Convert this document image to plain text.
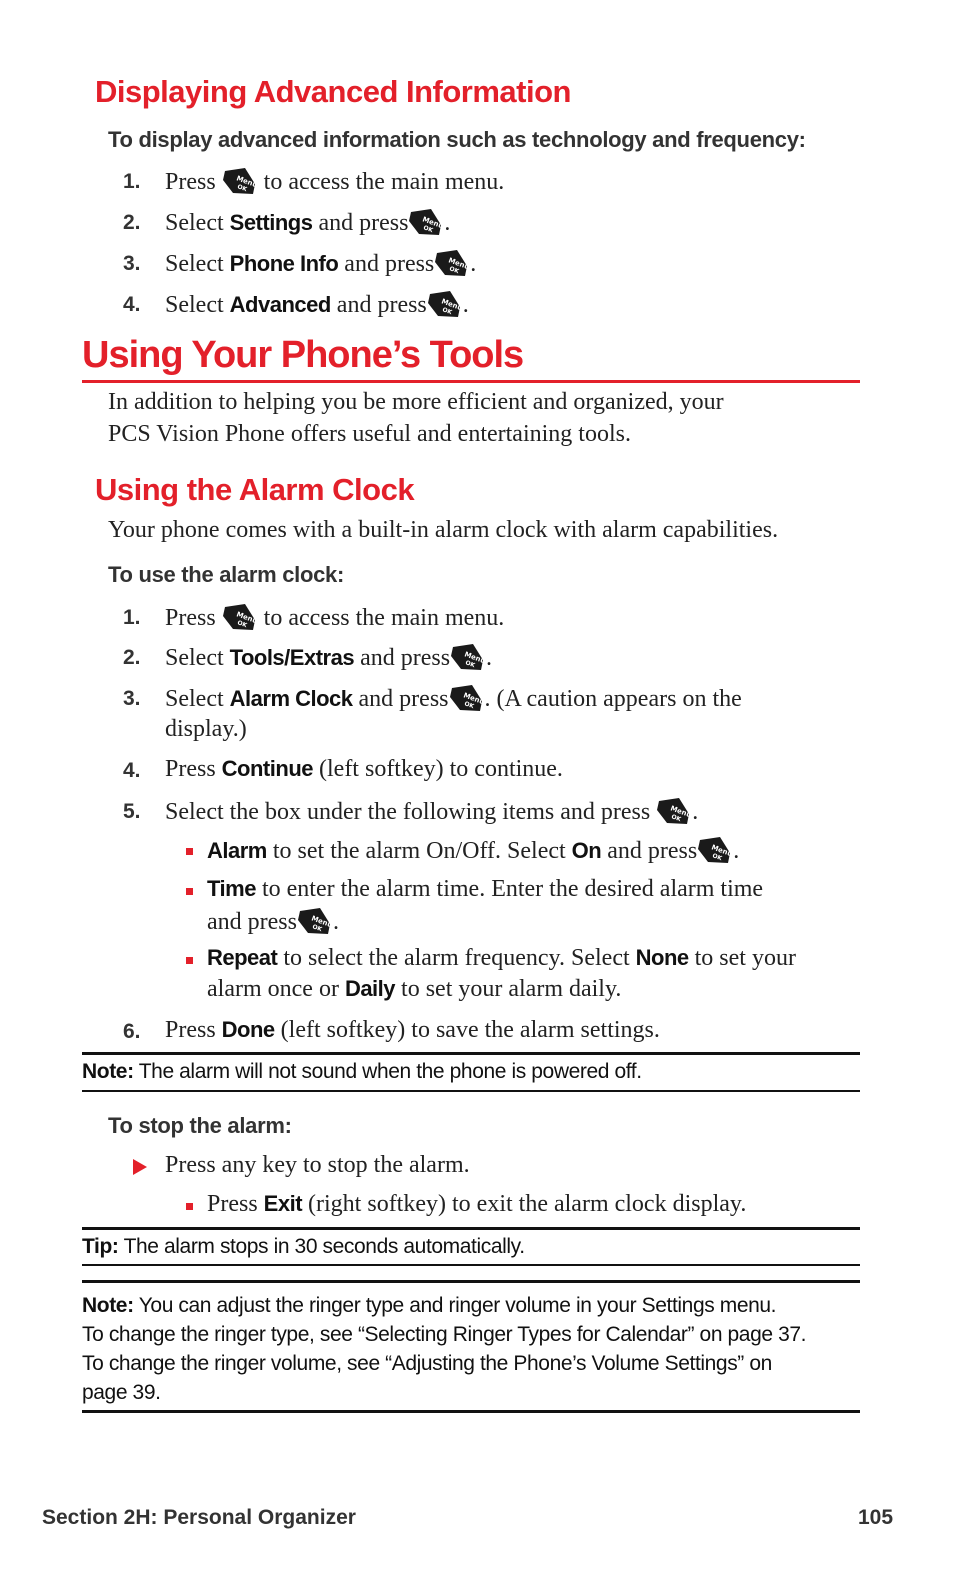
Displaying Advanced Information
To display advanced information such as technology and frequency:
1. Press to access the main menu.
2. Select Settings and press .
3. Select Phone Info and press .
4. Select Advanced and press .
Using Your Phone’s Tools
In addition to helping you be more efficient and organized, your
PCS Vision Phone offers useful and entertaining tools.
Using the Alarm Clock
Your phone comes with a built-in alarm clock with alarm capabilities.
To use the alarm clock:
1. Press to access the main menu.
2. Select Tools/Extras and press .
3. Select Alarm Clock and press . (A caution appears on the
display.)
4. Press Continue (left softkey) to continue.
5. Select the box under the following items and press .
Alarm to set the alarm On/Off. Select On and press .
Time to enter the alarm time. Enter the desired alarm time
and press .
Repeat to select the alarm frequency. Select None to set your
alarm once or Daily to set your alarm daily.
6. Press Done (left softkey) to save the alarm settings.
Note: The alarm will not sound when the phone is powered off.
To stop the alarm:
Press any key to stop the alarm.
Press Exit (right softkey) to exit the alarm clock display.
Tip: The alarm stops in 30 seconds automatically.
Note: You can adjust the ringer type and ringer volume in your Settings menu.
To change the ringer type, see “Selecting Ringer Types for Calendar” on page 37.
To change the ringer volume, see “Adjusting the Phone’s Volume Settings” on
page 39.
Section 2H: Personal Organizer	105
